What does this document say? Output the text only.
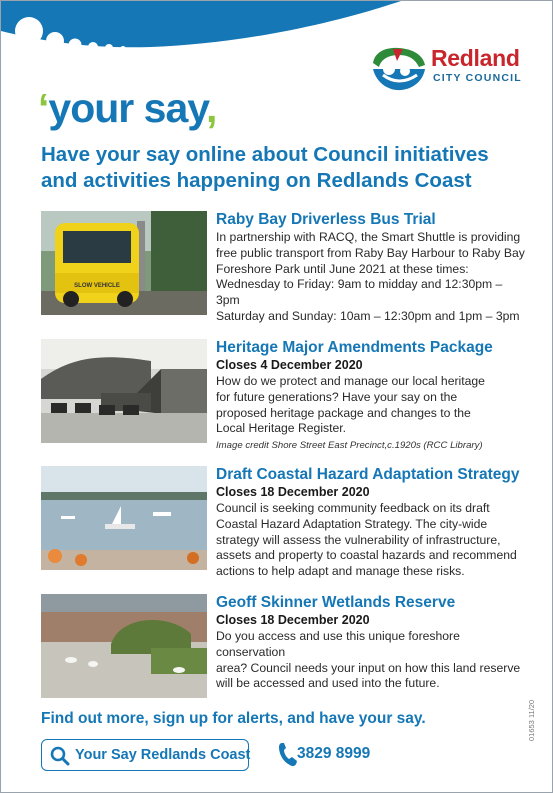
Redland
CITY COUNCIL
‘your say,
Have your say online about Council initiatives
and activities happening on Redlands Coast
SLOW VEHICLE

Raby Bay Driverless Bus Trial

In partnership with RACQ, the Smart Shuttle is providing
free public transport from Raby Bay Harbour to Raby Bay
Foreshore Park until June 2021 at these times:
Wednesday to Friday: 9am to midday and 12:30pm – 3pm
Saturday and Sunday: 10am – 12:30pm and 1pm – 3pm

Heritage Major Amendments Package

Closes 4 December 2020

How do we protect and manage our local heritage
for future generations? Have your say on the
proposed heritage package and changes to the
Local Heritage Register.

Image credit Shore Street East Precinct,c.1920s (RCC Library)

Draft Coastal Hazard Adaptation Strategy

Closes 18 December 2020

Council is seeking community feedback on its draft
Coastal Hazard Adaptation Strategy. The city-wide
strategy will assess the vulnerability of infrastructure,
assets and property to coastal hazards and recommend
actions to help adapt and manage these risks.

Geoff Skinner Wetlands Reserve

Closes 18 December 2020

Do you access and use this unique foreshore conservation
area? Council needs your input on how this land reserve
will be accessed and used into the future.

Find out more, sign up for alerts, and have your say.
Your Say Redlands Coast	3829 8999
01653 11/20
